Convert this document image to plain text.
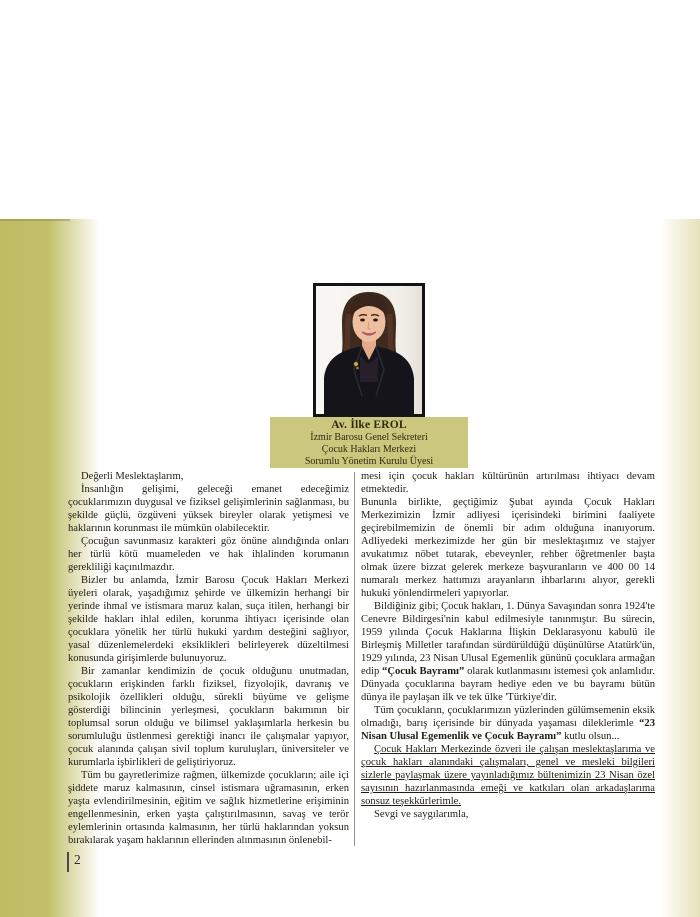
Av. İlke EROL
İzmir Barosu Genel Sekreteri
Çocuk Hakları Merkezi
Sorumlu Yönetim Kurulu Üyesi

Değerli Meslektaşlarım,

İnsanlığın gelişimi, geleceği emanet edeceğimiz çocuklarımızın duygusal ve fiziksel gelişimlerinin sağlanması, bu şekilde güçlü, özgüveni yüksek bireyler olarak yetişmesi ve haklarının korunması ile mümkün olabilecektir.

Çocuğun savunmasız karakteri göz önüne alındığında onları her türlü kötü muameleden ve hak ihlalinden korumanın gerekliliği kaçınılmazdır.

Bizler bu anlamda, İzmir Barosu Çocuk Hakları Merkezi üyeleri olarak, yaşadığımız şehirde ve ülkemizin herhangi bir yerinde ihmal ve istismara maruz kalan, suça itilen, herhangi bir şekilde hakları ihlal edilen, korunma ihtiyacı içerisinde olan çocuklara yönelik her türlü hukuki yardım desteğini sağlıyor, yasal düzenlemelerdeki eksiklikleri belirleyerek düzeltilmesi konusunda girişimlerde bulunuyoruz.

Bir zamanlar kendimizin de çocuk olduğunu unutmadan, çocukların erişkinden farklı fiziksel, fizyolojik, davranış ve psikolojik özellikleri olduğu, sürekli büyüme ve gelişme gösterdiği bilincinin yerleşmesi, çocukların bakımının bir toplumsal sorun olduğu ve bilimsel yaklaşımlarla herkesin bu sorumluluğu üstlenmesi gerektiği inancı ile çalışmalar yapıyor, çocuk alanında çalışan sivil toplum kuruluşları, üniversiteler ve kurumlarla işbirlikleri de geliştiriyoruz.

Tüm bu gayretlerimize rağmen, ülkemizde çocukların; aile içi şiddete maruz kalmasının, cinsel istismara uğramasının, erken yaşta evlendirilmesinin, eğitim ve sağlık hizmetlerine erişiminin engellenmesinin, erken yaşta çalıştırılmasının, savaş ve terör eylemlerinin ortasında kalmasının, her türlü haklarından yoksun bırakılarak yaşam haklarının ellerinden alınmasının önlenebil-

mesi için çocuk hakları kültürünün artırılması ihtiyacı devam etmektedir.

Bununla birlikte, geçtiğimiz Şubat ayında Çocuk Hakları Merkezimizin İzmir adliyesi içerisindeki birimini faaliyete geçirebilmemizin de önemli bir adım olduğuna inanıyorum. Adliyedeki merkezimizde her gün bir meslektaşımız ve stajyer avukatımız nöbet tutarak, ebeveynler, rehber öğretmenler başta olmak üzere bizzat gelerek merkeze başvuranların ve 400 00 14 numaralı merkez hattımızı arayanların ihbarlarını alıyor, gerekli hukuki yönlendirmeleri yapıyorlar.

Bildiğiniz gibi; Çocuk hakları, 1. Dünya Savaşından sonra 1924'te Cenevre Bildirgesi'nin kabul edilmesiyle tanınmıştır. Bu sürecin, 1959 yılında Çocuk Haklarına İlişkin Deklarasyonu kabulü ile Birleşmiş Milletler tarafından sürdürüldüğü düşünülürse Atatürk'ün, 1929 yılında, 23 Nisan Ulusal Egemenlik gününü çocuklara armağan edip “Çocuk Bayramı” olarak kutlanmasını istemesi çok anlamlıdır. Dünyada çocuklarına bayram hediye eden ve bu bayramı bütün dünya ile paylaşan ilk ve tek ülke 'Türkiye'dir.

Tüm çocukların, çocuklarımızın yüzlerinden gülümsemenin eksik olmadığı, barış içerisinde bir dünyada yaşaması dileklerimle “23 Nisan Ulusal Egemenlik ve Çocuk Bayramı” kutlu olsun...

Çocuk Hakları Merkezinde özveri ile çalışan meslektaşlarıma ve çocuk hakları alanındaki çalışmaları, genel ve mesleki bilgileri sizlerle paylaşmak üzere yayınladığımız bültenimizin 23 Nisan özel sayısının hazırlanmasında emeği ve katkıları olan arkadaşlarıma sonsuz teşekkürlerimle.

Sevgi ve saygılarımla,

2
